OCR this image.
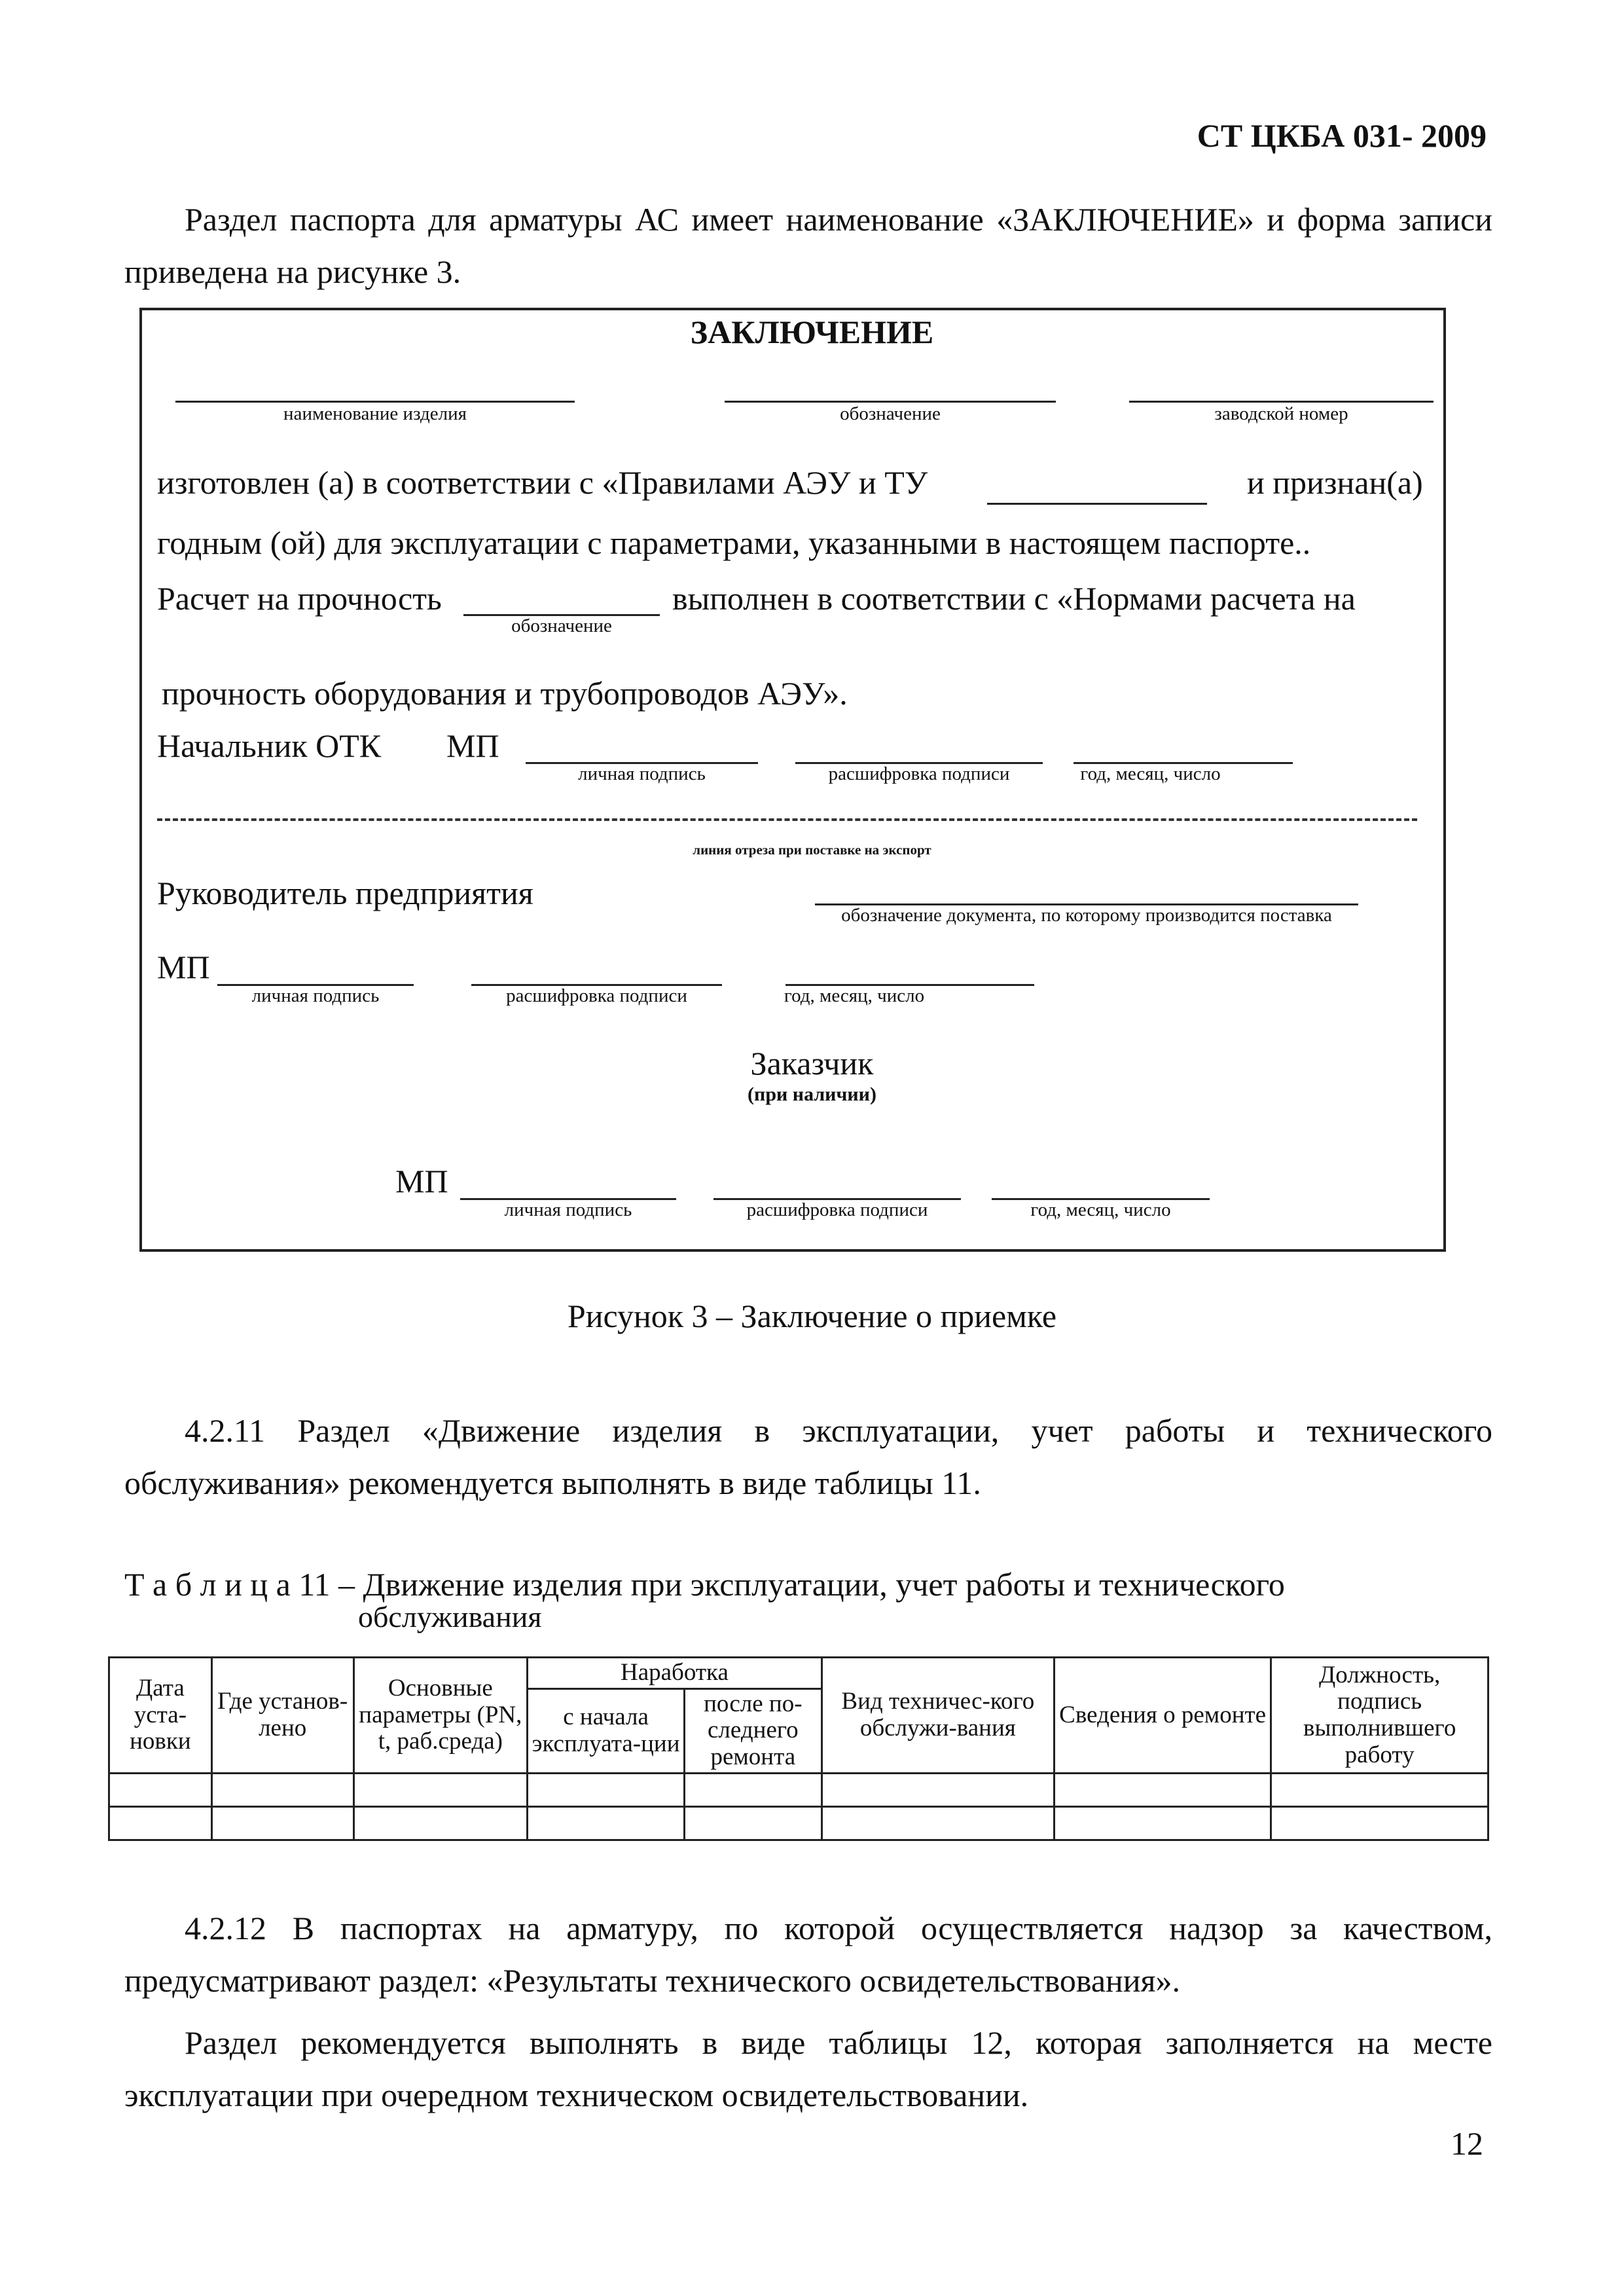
СТ ЦКБА 031- 2009
Раздел паспорта для арматуры АС имеет наименование «ЗАКЛЮЧЕНИЕ» и форма записи
приведена на рисунке 3.
ЗАКЛЮЧЕНИЕ
наименование изделия	обозначение	заводской номер
изготовлен (а) в соответствии с «Правилами АЭУ и ТУ	и признан(а)
годным (ой) для эксплуатации с параметрами, указанными в настоящем паспорте..
Расчет на прочность
обозначение
выполнен в соответствии с «Нормами расчета на
прочность оборудования и трубопроводов АЭУ».
Начальник ОТК МП
личная подпись	расшифровка подписи	год, месяц, число
линия отреза при поставке на экспорт
Руководитель предприятия
обозначение документа, по которому производится поставка
МП
личная подпись	расшифровка подписи	год, месяц, число
Заказчик
(при наличии)
МП
личная подпись	расшифровка подписи	год, месяц, число
Рисунок 3 – Заключение о приемке
4.2.11 Раздел «Движение изделия в эксплуатации, учет работы и технического
обслуживания» рекомендуется выполнять в виде таблицы 11.
Т а б л и ц а 11 – Движение изделия при эксплуатации, учет работы и технического
обслуживания
Дата уста-новки	Где установ-лено	Основные параметры (PN, t, раб.среда)	Наработка		Вид техничес-кого обслужи-вания	Сведения о ремонте	Должность, подпись выполнившего работу
			с начала эксплуата-ции	после по-следнего ремонта			

4.2.12 В паспортах на арматуру, по которой осуществляется надзор за качеством,
предусматривают раздел: «Результаты технического освидетельствования».
Раздел рекомендуется выполнять в виде таблицы 12, которая заполняется на месте
эксплуатации при очередном техническом освидетельствовании.
12
